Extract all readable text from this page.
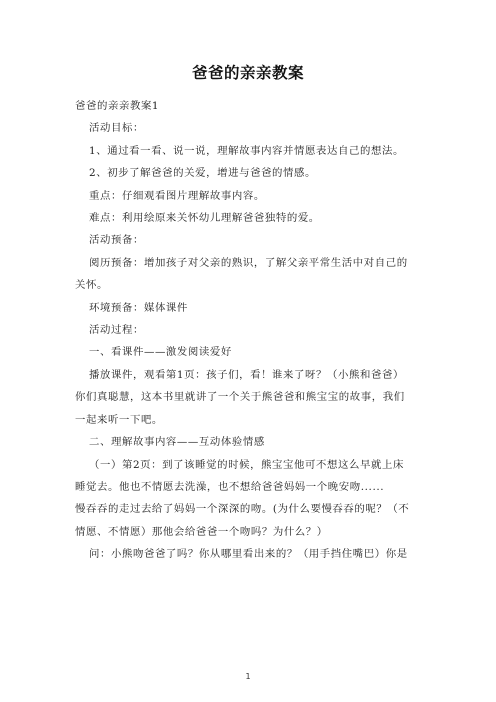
爸爸的亲亲教案

爸爸的亲亲教案1

活动目标：

1、通过看一看、说一说，理解故事内容并情愿表达自己的想法。

2、初步了解爸爸的关爱，增进与爸爸的情感。

重点：仔细观看图片理解故事内容。

难点：利用绘原来关怀幼儿理解爸爸独特的爱。

活动预备：

阅历预备：增加孩子对父亲的熟识，了解父亲平常生活中对自己的

关怀。

环境预备：媒体课件

活动过程：

一、看课件——激发阅读爱好

播放课件，观看第1页：孩子们，看！谁来了呀？（小熊和爸爸）

你们真聪慧，这本书里就讲了一个关于熊爸爸和熊宝宝的故事，我们

一起来听一下吧。

二、理解故事内容——互动体验情感

（一）第2页：到了该睡觉的时候，熊宝宝他可不想这么早就上床

睡觉去。他也不情愿去洗澡，也不想给爸爸妈妈一个晚安吻......

慢吞吞的走过去给了妈妈一个深深的吻。(为什么要慢吞吞的呢？（不

情愿、不情愿）那他会给爸爸一个吻吗？为什么？）

问：小熊吻爸爸了吗？你从哪里看出来的？（用手挡住嘴巴）你是

1
